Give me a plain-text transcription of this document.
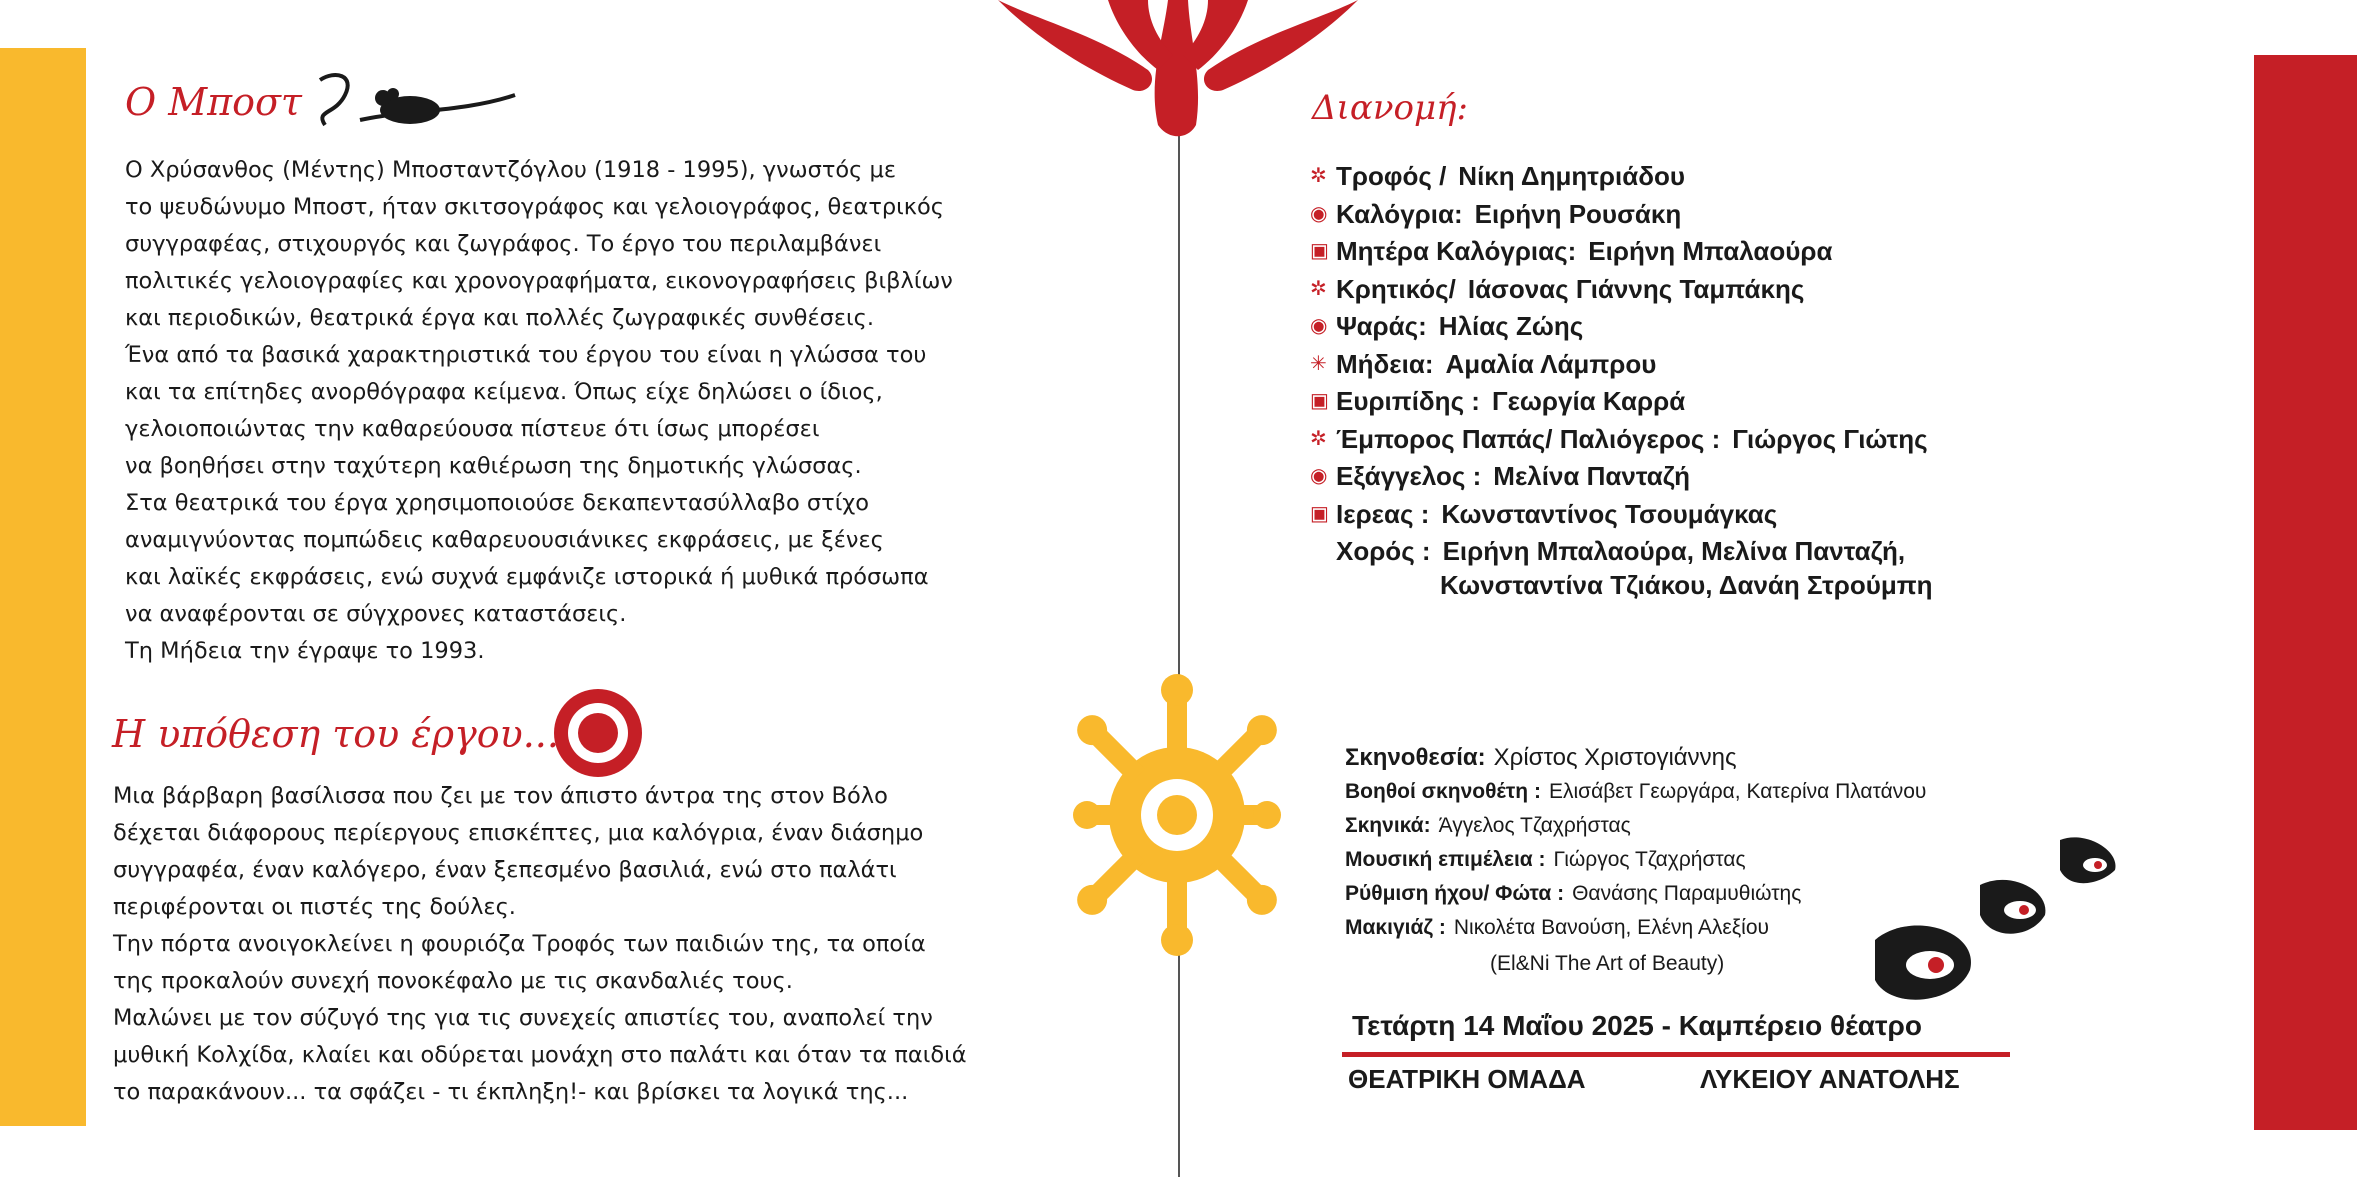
Ο Μποστ
Ο Χρύσανθος (Μέντης) Μποσταντζόγλου (1918 - 1995), γνωστός με
το ψευδώνυμο Μποστ, ήταν σκιτσογράφος και γελοιογράφος, θεατρικός
συγγραφέας, στιχουργός και ζωγράφος. Το έργο του περιλαμβάνει
πολιτικές γελοιογραφίες και χρονογραφήματα, εικονογραφήσεις βιβλίων
και περιοδικών, θεατρικά έργα και πολλές ζωγραφικές συνθέσεις.
Ένα από τα βασικά χαρακτηριστικά του έργου του είναι η γλώσσα του
και τα επίτηδες ανορθόγραφα κείμενα. Όπως είχε δηλώσει ο ίδιος,
γελοιοποιώντας την καθαρεύουσα πίστευε ότι ίσως μπορέσει
να βοηθήσει στην ταχύτερη καθιέρωση της δημοτικής γλώσσας.
Στα θεατρικά του έργα χρησιμοποιούσε δεκαπεντασύλλαβο στίχο
αναμιγνύοντας πομπώδεις καθαρευουσιάνικες εκφράσεις, με ξένες
και λαϊκές εκφράσεις, ενώ συχνά εμφάνιζε ιστορικά ή μυθικά πρόσωπα
να αναφέρονται σε σύγχρονες καταστάσεις.
Τη Μήδεια την έγραψε το 1993.
Η υπόθεση του έργου...
Μια βάρβαρη βασίλισσα που ζει με τον άπιστο άντρα της στον Βόλο
δέχεται διάφορους περίεργους επισκέπτες, μια καλόγρια, έναν διάσημο
συγγραφέα, έναν καλόγερο, έναν ξεπεσμένο βασιλιά, ενώ στο παλάτι
περιφέρονται οι πιστές της δούλες.
Την πόρτα ανοιγοκλείνει η φουριόζα Τροφός των παιδιών της, τα οποία
της προκαλούν συνεχή πονοκέφαλο με τις σκανδαλιές τους.
Μαλώνει με τον σύζυγό της για τις συνεχείς απιστίες του, αναπολεί την
μυθική Κολχίδα, κλαίει και οδύρεται μονάχη στο παλάτι και όταν τα παιδιά
το παρακάνουν... τα σφάζει - τι έκπληξη!- και βρίσκει τα λογικά της...
Διανομή:
✲ Τροφός / Νίκη Δημητριάδου
◉ Καλόγρια: Ειρήνη Ρουσάκη
▣ Μητέρα Καλόγριας: Ειρήνη Μπαλαούρα
✲ Κρητικός/ Ιάσονας Γιάννης Ταμπάκης
◉ Ψαράς: Ηλίας Ζώης
✳ Μήδεια: Αμαλία Λάμπρου
▣ Ευριπίδης : Γεωργία Καρρά
✲ Έμπορος Παπάς/ Παλιόγερος : Γιώργος Γιώτης
◉ Εξάγγελος : Μελίνα Πανταζή
▣ Ιερεας : Κωνσταντίνος Τσουμάγκας
Χορός : Ειρήνη Μπαλαούρα, Μελίνα Πανταζή,
Κωνσταντίνα Τζιάκου, Δανάη Στρούμπη
Σκηνοθεσία: Χρίστος Χριστογιάννης
Βοηθοί σκηνοθέτη : Ελισάβετ Γεωργάρα, Κατερίνα Πλατάνου
Σκηνικά: Άγγελος Τζαχρήστας
Μουσική επιμέλεια : Γιώργος Τζαχρήστας
Ρύθμιση ήχου/ Φώτα : Θανάσης Παραμυθιώτης
Μακιγιάζ : Νικολέτα Βανούση, Ελένη Αλεξίου
(El&Ni The Art of Beauty)
Τετάρτη 14 Μαΐου 2025 - Καμπέρειο θέατρο
ΘΕΑΤΡΙΚΗ ΟΜΑΔΑ	ΛΥΚΕΙΟΥ ΑΝΑΤΟΛΗΣ
